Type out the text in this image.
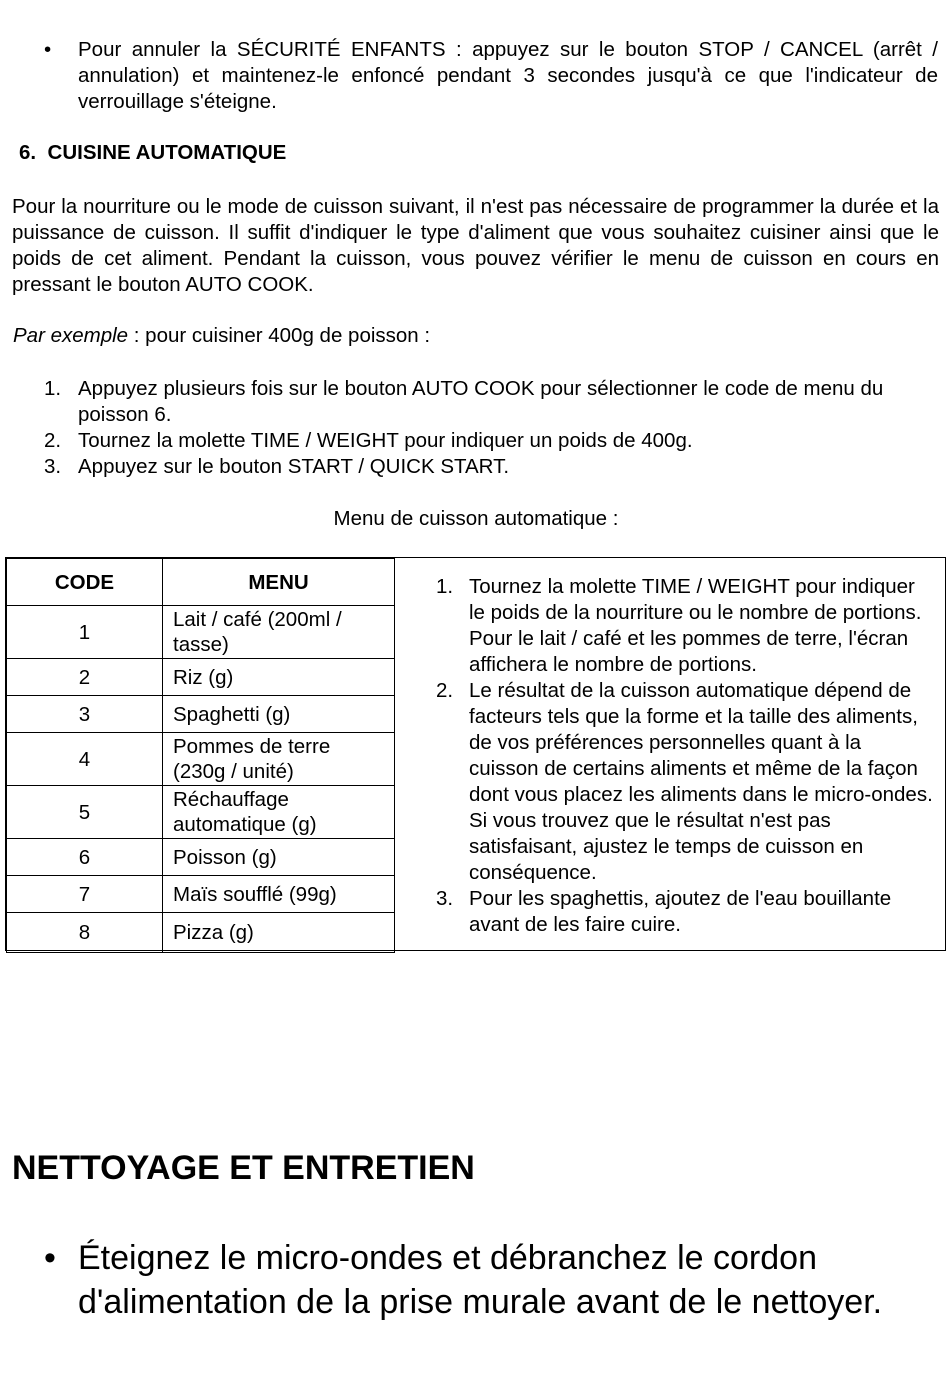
• Pour annuler la SÉCURITÉ ENFANTS : appuyez sur le bouton STOP / CANCEL (arrêt / annulation) et maintenez-le enfoncé pendant 3 secondes jusqu'à ce que l'indicateur de verrouillage s'éteigne.
6. CUISINE AUTOMATIQUE

Pour la nourriture ou le mode de cuisson suivant, il n'est pas nécessaire de programmer la durée et la puissance de cuisson. Il suffit d'indiquer le type d'aliment que vous souhaitez cuisiner ainsi que le poids de cet aliment. Pendant la cuisson, vous pouvez vérifier le menu de cuisson en cours en pressant le bouton AUTO COOK.

Par exemple : pour cuisiner 400g de poisson :

1. Appuyez plusieurs fois sur le bouton AUTO COOK pour sélectionner le code de menu du poisson 6.
2. Tournez la molette TIME / WEIGHT pour indiquer un poids de 400g.
3. Appuyez sur le bouton START / QUICK START.

Menu de cuisson automatique :

CODE	MENU
1	Lait / café (200ml / tasse)
2	Riz (g)
3	Spaghetti (g)
4	Pommes de terre (230g / unité)
5	Réchauffage automatique (g)
6	Poisson (g)
7	Maïs soufflé (99g)
8	Pizza (g)
1. Tournez la molette TIME / WEIGHT pour indiquer le poids de la nourriture ou le nombre de portions. Pour le lait / café et les pommes de terre, l'écran affichera le nombre de portions.
2. Le résultat de la cuisson automatique dépend de facteurs tels que la forme et la taille des aliments, de vos préférences personnelles quant à la cuisson de certains aliments et même de la façon dont vous placez les aliments dans le micro-ondes. Si vous trouvez que le résultat n'est pas satisfaisant, ajustez le temps de cuisson en conséquence.
3. Pour les spaghettis, ajoutez de l'eau bouillante avant de les faire cuire.
NETTOYAGE ET ENTRETIEN
• Éteignez le micro-ondes et débranchez le cordon d'alimentation de la prise murale avant de le nettoyer.
